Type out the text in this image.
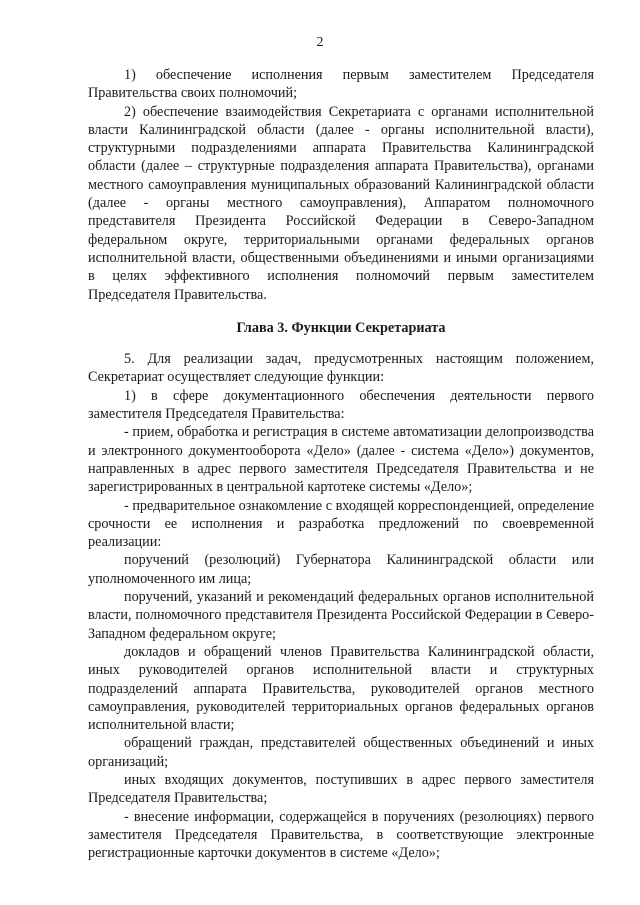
2

1) обеспечение исполнения первым заместителем Председателя Правительства своих полномочий;

2) обеспечение взаимодействия Секретариата с органами исполнительной власти Калининградской области (далее - органы исполнительной власти), структурными подразделениями аппарата Правительства Калининградской области (далее – структурные подразделения аппарата Правительства), органами местного самоуправления муниципальных образований Калининградской области (далее - органы местного самоуправления), Аппаратом полномочного представителя Президента Российской Федерации в Северо-Западном федеральном округе, территориальными органами федеральных органов исполнительной власти, общественными объединениями и иными организациями в целях эффективного исполнения полномочий первым заместителем Председателя Правительства.

Глава 3. Функции Секретариата

5. Для реализации задач, предусмотренных настоящим положением, Секретариат осуществляет следующие функции:

1) в сфере документационного обеспечения деятельности первого заместителя Председателя Правительства:

- прием, обработка и регистрация в системе автоматизации делопроизводства и электронного документооборота «Дело» (далее - система «Дело») документов, направленных в адрес первого заместителя Председателя Правительства и не зарегистрированных в центральной картотеке системы «Дело»;

- предварительное ознакомление с входящей корреспонденцией, определение срочности ее исполнения и разработка предложений по своевременной реализации:

поручений (резолюций) Губернатора Калининградской области или уполномоченного им лица;

поручений, указаний и рекомендаций федеральных органов исполнительной власти, полномочного представителя Президента Российской Федерации в Северо-Западном федеральном округе;

докладов и обращений членов Правительства Калининградской области, иных руководителей органов исполнительной власти и структурных подразделений аппарата Правительства, руководителей органов местного самоуправления, руководителей территориальных органов федеральных органов исполнительной власти;

обращений граждан, представителей общественных объединений и иных организаций;

иных входящих документов, поступивших в адрес первого заместителя Председателя Правительства;

- внесение информации, содержащейся в поручениях (резолюциях) первого заместителя Председателя Правительства, в соответствующие электронные регистрационные карточки документов в системе «Дело»;
